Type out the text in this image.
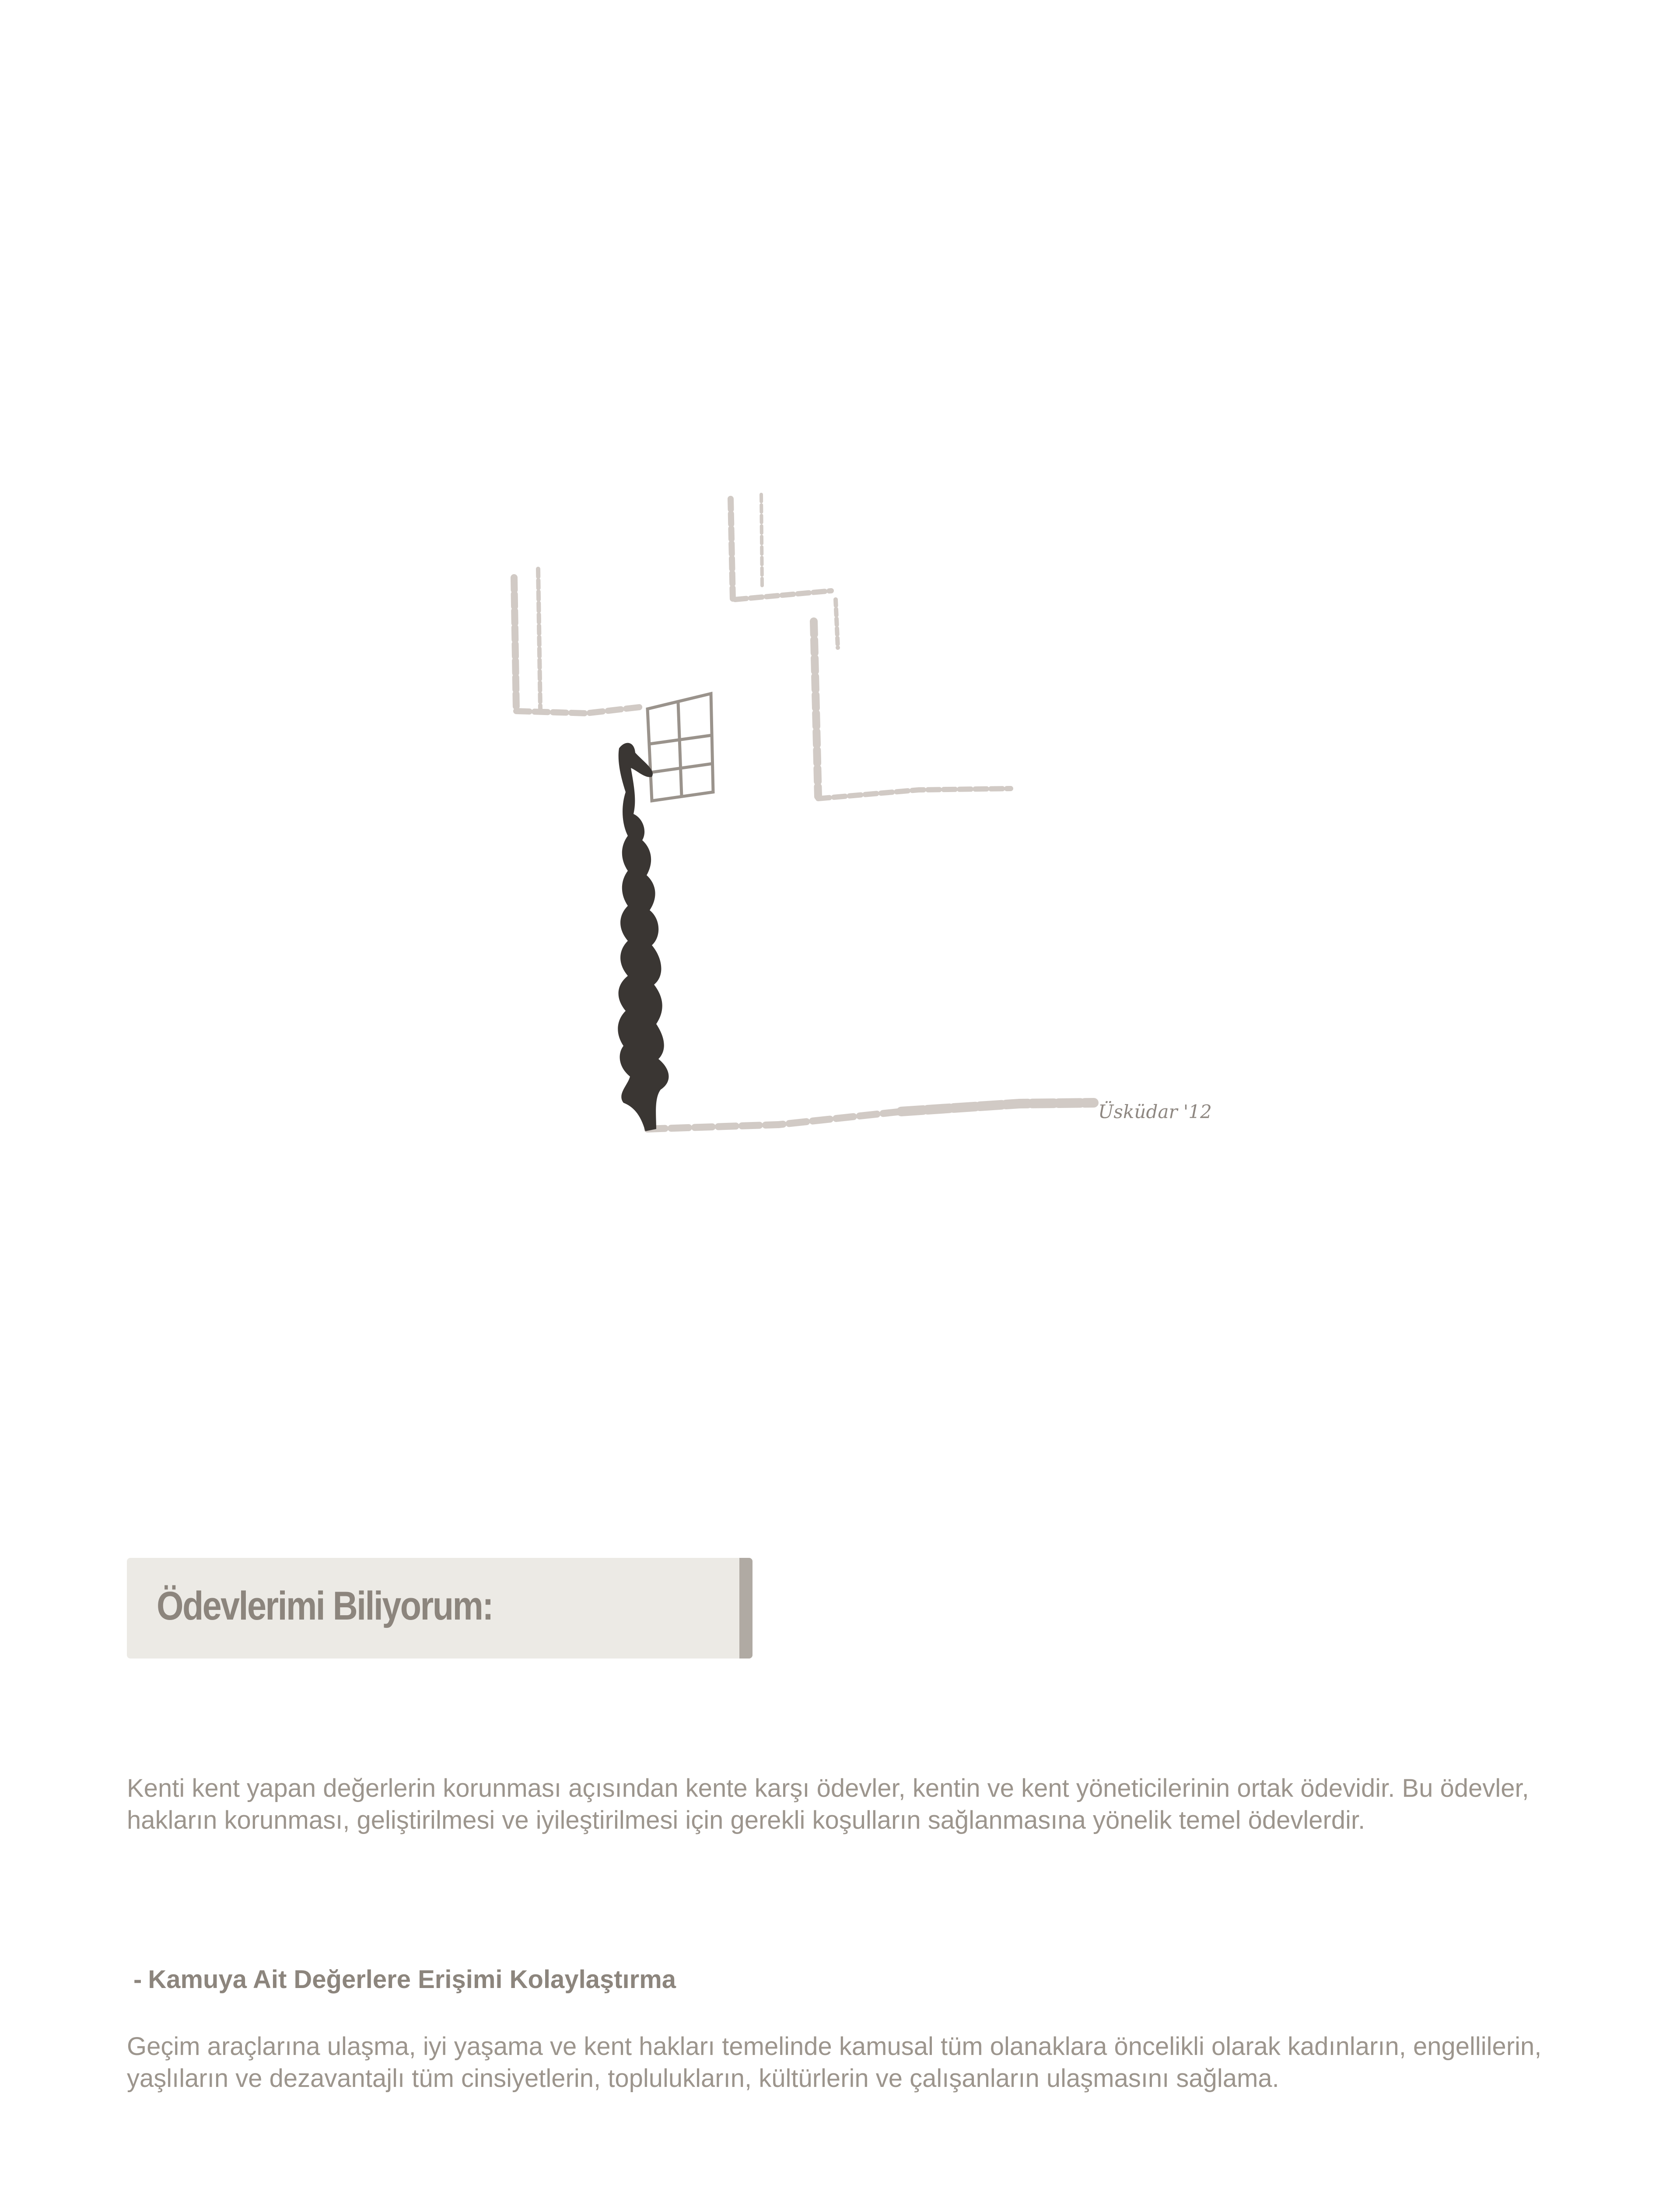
Üsküdar '12
Ödevlerimi Biliyorum:

Kenti kent yapan değerlerin korunması açısından kente karşı ödevler, kentin ve kent yöneticilerinin ortak ödevidir. Bu ödevler, hakların korunması, geliştirilmesi ve iyileştirilmesi için gerekli koşulların sağlanmasına yönelik temel ödevlerdir.

- Kamuya Ait Değerlere Erişimi Kolaylaştırma

Geçim araçlarına ulaşma, iyi yaşama ve kent hakları temelinde kamusal tüm olanaklara öncelikli olarak kadınların, engellilerin, yaşlıların ve dezavantajlı tüm cinsiyetlerin, toplulukların, kültürlerin ve çalışanların ulaşmasını sağlama.
